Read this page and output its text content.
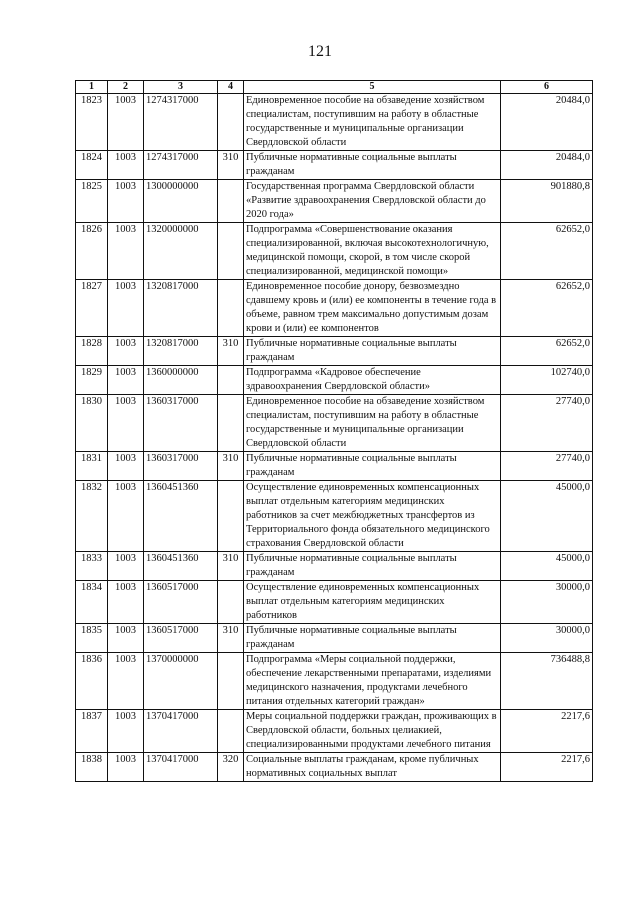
121
1	2	3	4	5	6
1823	1003	1274317000		Единовременное пособие на обзаведение хозяйством специалистам, поступившим на работу в областные государственные и муниципальные организации Свердловской области	20484,0
1824	1003	1274317000	310	Публичные нормативные социальные выплаты гражданам	20484,0
1825	1003	1300000000		Государственная программа Свердловской области «Развитие здравоохранения Свердловской области до 2020 года»	901880,8
1826	1003	1320000000		Подпрограмма «Совершенствование оказания специализированной, включая высокотехнологичную, медицинской помощи, скорой, в том числе скорой специализированной, медицинской помощи»	62652,0
1827	1003	1320817000		Единовременное пособие донору, безвозмездно сдавшему кровь и (или) ее компоненты в течение года в объеме, равном трем максимально допустимым дозам крови и (или) ее компонентов	62652,0
1828	1003	1320817000	310	Публичные нормативные социальные выплаты гражданам	62652,0
1829	1003	1360000000		Подпрограмма «Кадровое обеспечение здравоохранения Свердловской области»	102740,0
1830	1003	1360317000		Единовременное пособие на обзаведение хозяйством специалистам, поступившим на работу в областные государственные и муниципальные организации Свердловской области	27740,0
1831	1003	1360317000	310	Публичные нормативные социальные выплаты гражданам	27740,0
1832	1003	1360451360		Осуществление единовременных компенсационных выплат отдельным категориям медицинских работников за счет межбюджетных трансфертов из Территориального фонда обязательного медицинского страхования Свердловской области	45000,0
1833	1003	1360451360	310	Публичные нормативные социальные выплаты гражданам	45000,0
1834	1003	1360517000		Осуществление единовременных компенсационных выплат отдельным категориям медицинских работников	30000,0
1835	1003	1360517000	310	Публичные нормативные социальные выплаты гражданам	30000,0
1836	1003	1370000000		Подпрограмма «Меры социальной поддержки, обеспечение лекарственными препаратами, изделиями медицинского назначения, продуктами лечебного питания отдельных категорий граждан»	736488,8
1837	1003	1370417000		Меры социальной поддержки граждан, проживающих в Свердловской области, больных целиакией, специализированными продуктами лечебного питания	2217,6
1838	1003	1370417000	320	Социальные выплаты гражданам, кроме публичных нормативных социальных выплат	2217,6
